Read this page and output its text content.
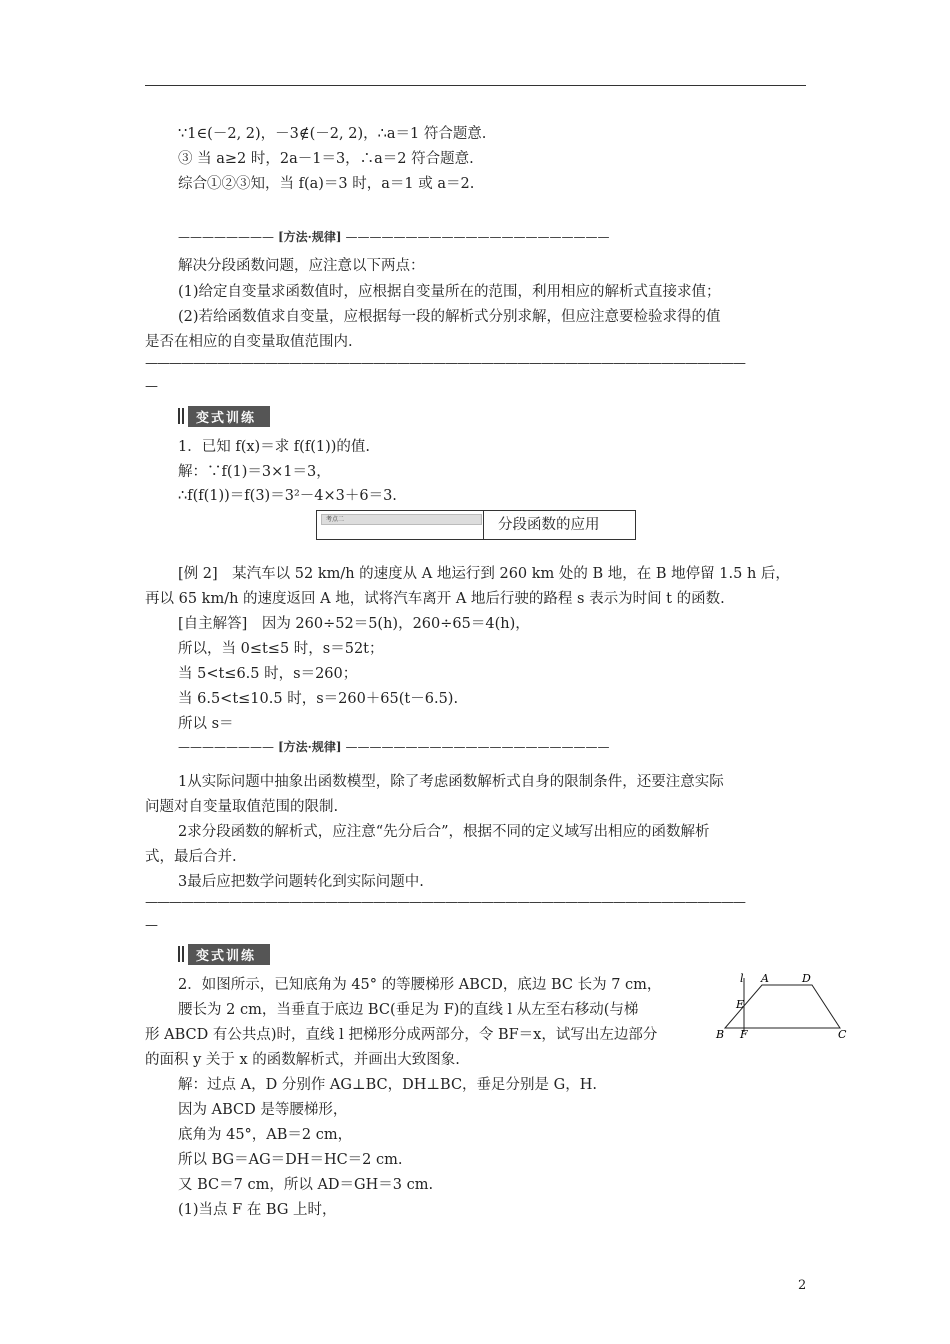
∵1∈(－2, 2)，－3∉(－2, 2)，∴a＝1 符合题意.
③ 当 a≥2 时，2a－1＝3，∴a＝2 符合题意.
综合①②③知，当 f(a)＝3 时，a＝1 或 a＝2.
———————— [方法·规律] ——————————————————————
解决分段函数问题，应注意以下两点：
(1)给定自变量求函数值时，应根据自变量所在的范围，利用相应的解析式直接求值；
(2)若给函数值求自变量，应根据每一段的解析式分别求解，但应注意要检验求得的值
是否在相应的自变量取值范围内.
——————————————————————————————————————————————————
—
变式训练
1．已知 f(x)＝求 f(f(1))的值.
解：∵f(1)＝3×1＝3，
∴f(f(1))＝f(3)＝3²－4×3＋6＝3.
考点二	分段函数的应用
[例 2]　某汽车以 52 km/h 的速度从 A 地运行到 260 km 处的 B 地，在 B 地停留 1.5 h 后，
再以 65 km/h 的速度返回 A 地，试将汽车离开 A 地后行驶的路程 s 表示为时间 t 的函数.
[自主解答]　因为 260÷52＝5(h)，260÷65＝4(h)，
所以，当 0≤t≤5 时，s＝52t；
当 5<t≤6.5 时，s＝260；
当 6.5<t≤10.5 时，s＝260＋65(t－6.5).
所以 s＝
———————— [方法·规律] ——————————————————————
1从实际问题中抽象出函数模型，除了考虑函数解析式自身的限制条件，还要注意实际
问题对自变量取值范围的限制.
2求分段函数的解析式，应注意“先分后合”，根据不同的定义域写出相应的函数解析
式，最后合并.
3最后应把数学问题转化到实际问题中.
——————————————————————————————————————————————————
—
变式训练
2．如图所示，已知底角为 45° 的等腰梯形 ABCD，底边 BC 长为 7 cm，
腰长为 2 cm，当垂直于底边 BC(垂足为 F)的直线 l 从左至右移动(与梯
形 ABCD 有公共点)时，直线 l 把梯形分成两部分，令 BF＝x，试写出左边部分
的面积 y 关于 x 的函数解析式，并画出大致图象.
解：过点 A，D 分别作 AG⊥BC，DH⊥BC，垂足分别是 G，H.
因为 ABCD 是等腰梯形，
底角为 45°，AB＝2 cm，
所以 BG＝AG＝DH＝HC＝2 cm.
又 BC＝7 cm，所以 AD＝GH＝3 cm.
(1)当点 F 在 BG 上时，
l A	D
E
B F	C
2
